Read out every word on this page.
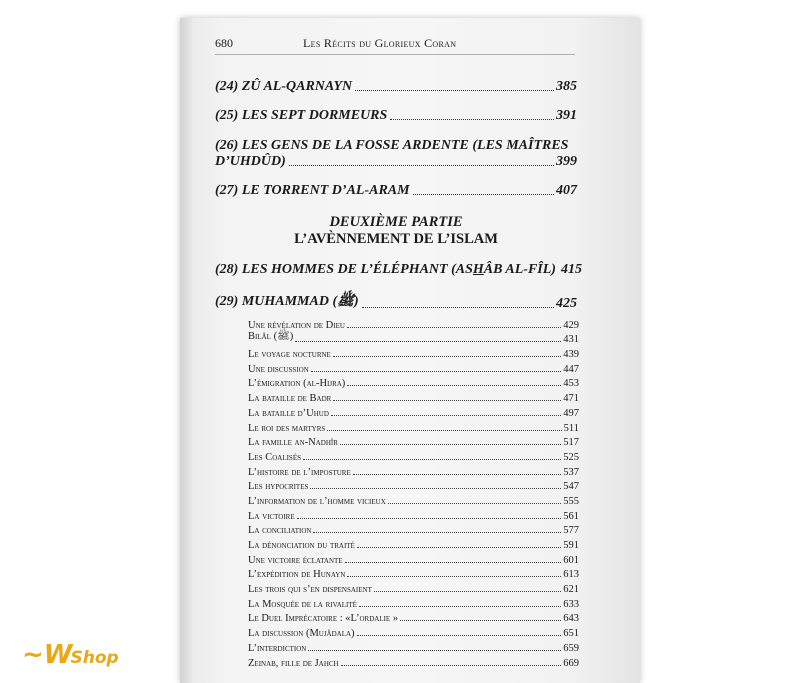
680	Les Récits du Glorieux Coran
(24) ZÛ AL-QARNAYN	385
(25) LES SEPT DORMEURS	391
(26) LES GENS DE LA FOSSE ARDENTE (LES MAÎTRES
D’UHDÛD)	399
(27) LE TORRENT D’AL-ARAM	407
DEUXIÈME PARTIE
L’AVÈNNEMENT DE L’ISLAM
(28) LES HOMMES DE L’ÉLÉPHANT (ASHÂB AL-FÎL) 415
(29) MUHAMMAD (ﷺ)	425
Une révélation de Dieu	429
Bilâl (ﷺ)	431
Le voyage nocturne	439
Une discussion	447
L’émigration (al-Hijra)	453
La bataille de Badr	471
La bataille d’Uhud	497
Le roi des martyrs	511
La famille an-Nadhîr	517
Les Coalisés	525
L’histoire de l’imposture	537
Les hypocrites	547
L’information de l’homme vicieux	555
La victoire	561
La conciliation	577
La dénonciation du traité	591
Une victoire éclatante	601
L’expédition de Hunayn	613
Les trois qui s’en dispensaient	621
La Mosquée de la rivalité	633
Le Duel Imprécatoire : «L’ordalie »	643
La discussion (Mujâdala)	651
L’interdiction	659
Zeinab, fille de Jahch	669
~WShop
